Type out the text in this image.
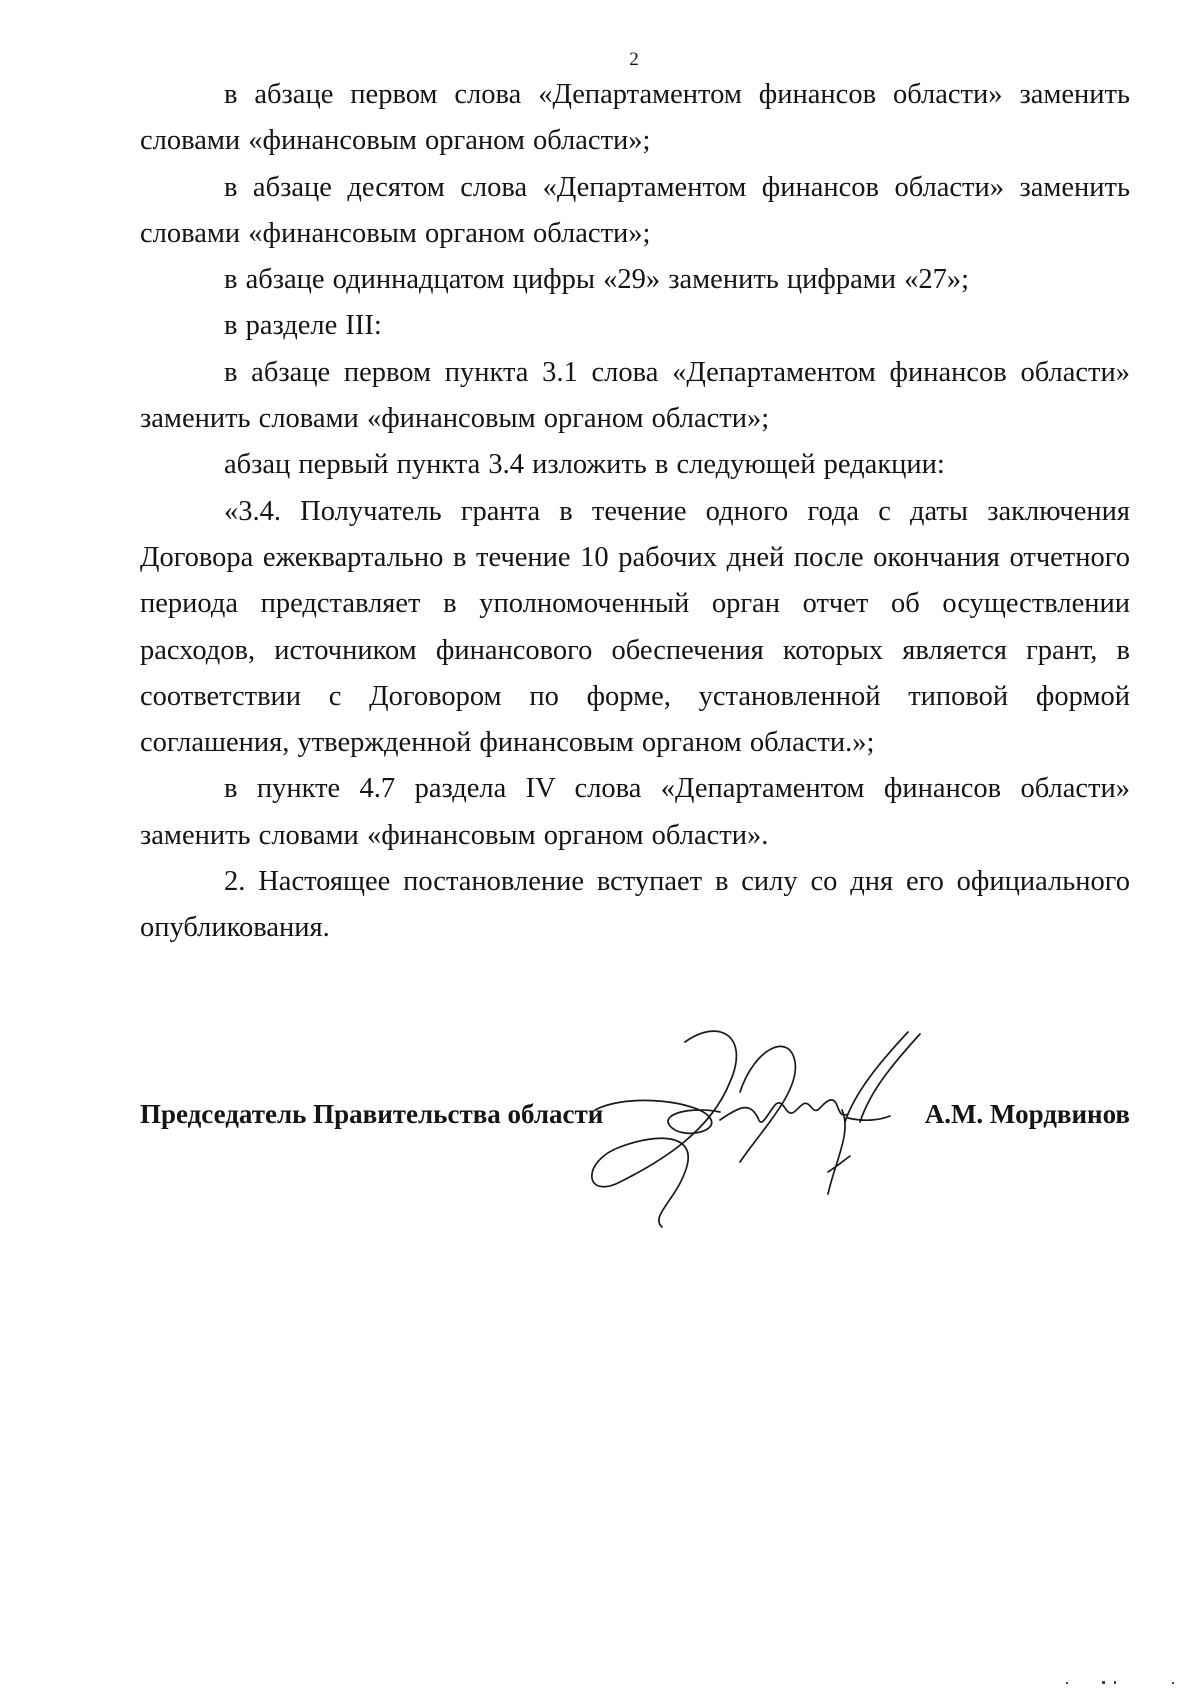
2

в абзаце первом слова «Департаментом финансов области» заменить словами «финансовым органом области»;

в абзаце десятом слова «Департаментом финансов области» заменить словами «финансовым органом области»;

в абзаце одиннадцатом цифры «29» заменить цифрами «27»;

в разделе III:

в абзаце первом пункта 3.1 слова «Департаментом финансов области» заменить словами «финансовым органом области»;

абзац первый пункта 3.4 изложить в следующей редакции:

«3.4. Получатель гранта в течение одного года с даты заключения Договора ежеквартально в течение 10 рабочих дней после окончания отчетного периода представляет в уполномоченный орган отчет об осуществлении расходов, источником финансового обеспечения которых является грант, в соответствии с Договором по форме, установленной типовой формой соглашения, утвержденной финансовым органом области.»;

в пункте 4.7 раздела IV слова «Департаментом финансов области» заменить словами «финансовым органом области».

2. Настоящее постановление вступает в силу со дня его официального опубликования.

Председатель Правительства области	А.М. Мордвинов
